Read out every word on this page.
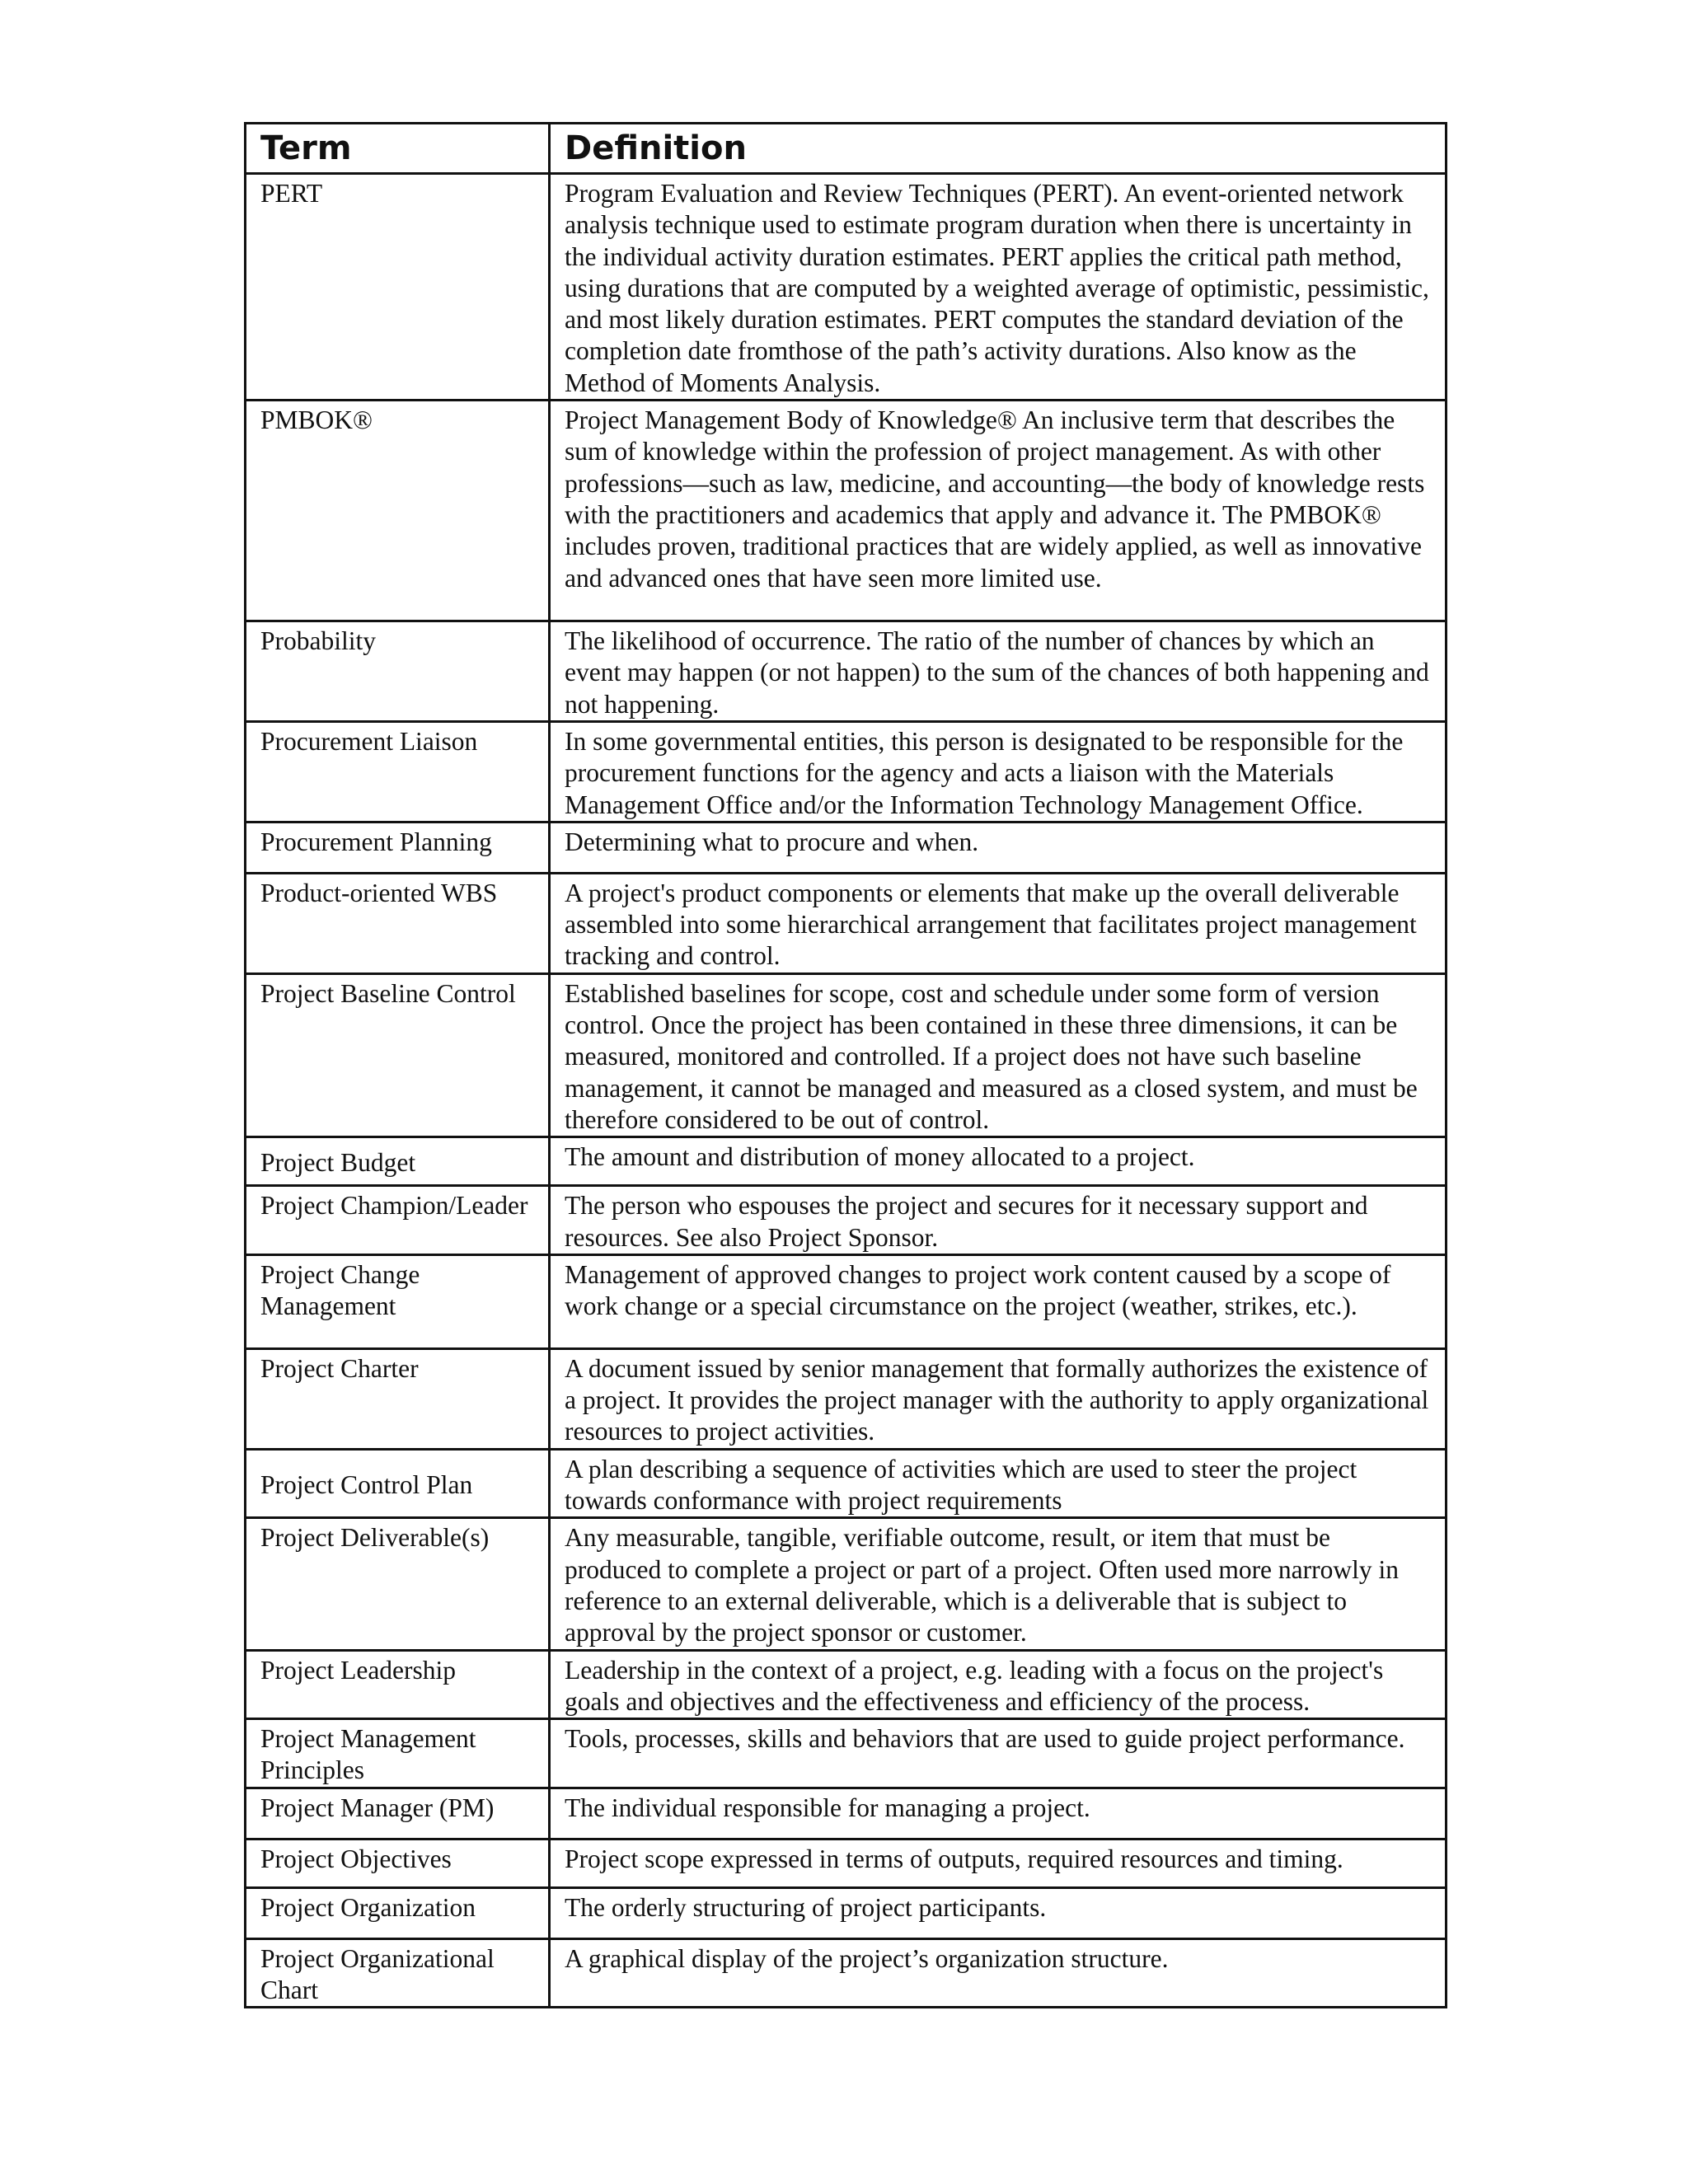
Term	Definition
PERT	Program Evaluation and Review Techniques (PERT). An event-oriented network analysis technique used to estimate program duration when there is uncertainty in the individual activity duration estimates. PERT applies the critical path method, using durations that are computed by a weighted average of optimistic, pessimistic, and most likely duration estimates. PERT computes the standard deviation of the completion date fromthose of the path’s activity durations. Also know as the Method of Moments Analysis.
PMBOK®	Project Management Body of Knowledge® An inclusive term that describes the sum of knowledge within the profession of project management. As with other professions—such as law, medicine, and accounting—the body of knowledge rests with the practitioners and academics that apply and advance it. The PMBOK® includes proven, traditional practices that are widely applied, as well as innovative and advanced ones that have seen more limited use.
Probability	The likelihood of occurrence. The ratio of the number of chances by which an event may happen (or not happen) to the sum of the chances of both happening and not happening.
Procurement Liaison	In some governmental entities, this person is designated to be responsible for the procurement functions for the agency and acts a liaison with the Materials Management Office and/or the Information Technology Management Office.
Procurement Planning	Determining what to procure and when.
Product-oriented WBS	A project's product components or elements that make up the overall deliverable assembled into some hierarchical arrangement that facilitates project management tracking and control.
Project Baseline Control	Established baselines for scope, cost and schedule under some form of version control. Once the project has been contained in these three dimensions, it can be measured, monitored and controlled. If a project does not have such baseline management, it cannot be managed and measured as a closed system, and must be therefore considered to be out of control.
Project Budget	The amount and distribution of money allocated to a project.
Project Champion/Leader	The person who espouses the project and secures for it necessary support and resources. See also Project Sponsor.
Project Change Management	Management of approved changes to project work content caused by a scope of work change or a special circumstance on the project (weather, strikes, etc.).
Project Charter	A document issued by senior management that formally authorizes the existence of a project. It provides the project manager with the authority to apply organizational resources to project activities.
Project Control Plan	A plan describing a sequence of activities which are used to steer the project towards conformance with project requirements
Project Deliverable(s)	Any measurable, tangible, verifiable outcome, result, or item that must be produced to complete a project or part of a project. Often used more narrowly in reference to an external deliverable, which is a deliverable that is subject to approval by the project sponsor or customer.
Project Leadership	Leadership in the context of a project, e.g. leading with a focus on the project's goals and objectives and the effectiveness and efficiency of the process.
Project Management Principles	Tools, processes, skills and behaviors that are used to guide project performance.
Project Manager (PM)	The individual responsible for managing a project.
Project Objectives	Project scope expressed in terms of outputs, required resources and timing.
Project Organization	The orderly structuring of project participants.
Project Organizational Chart	A graphical display of the project’s organization structure.
